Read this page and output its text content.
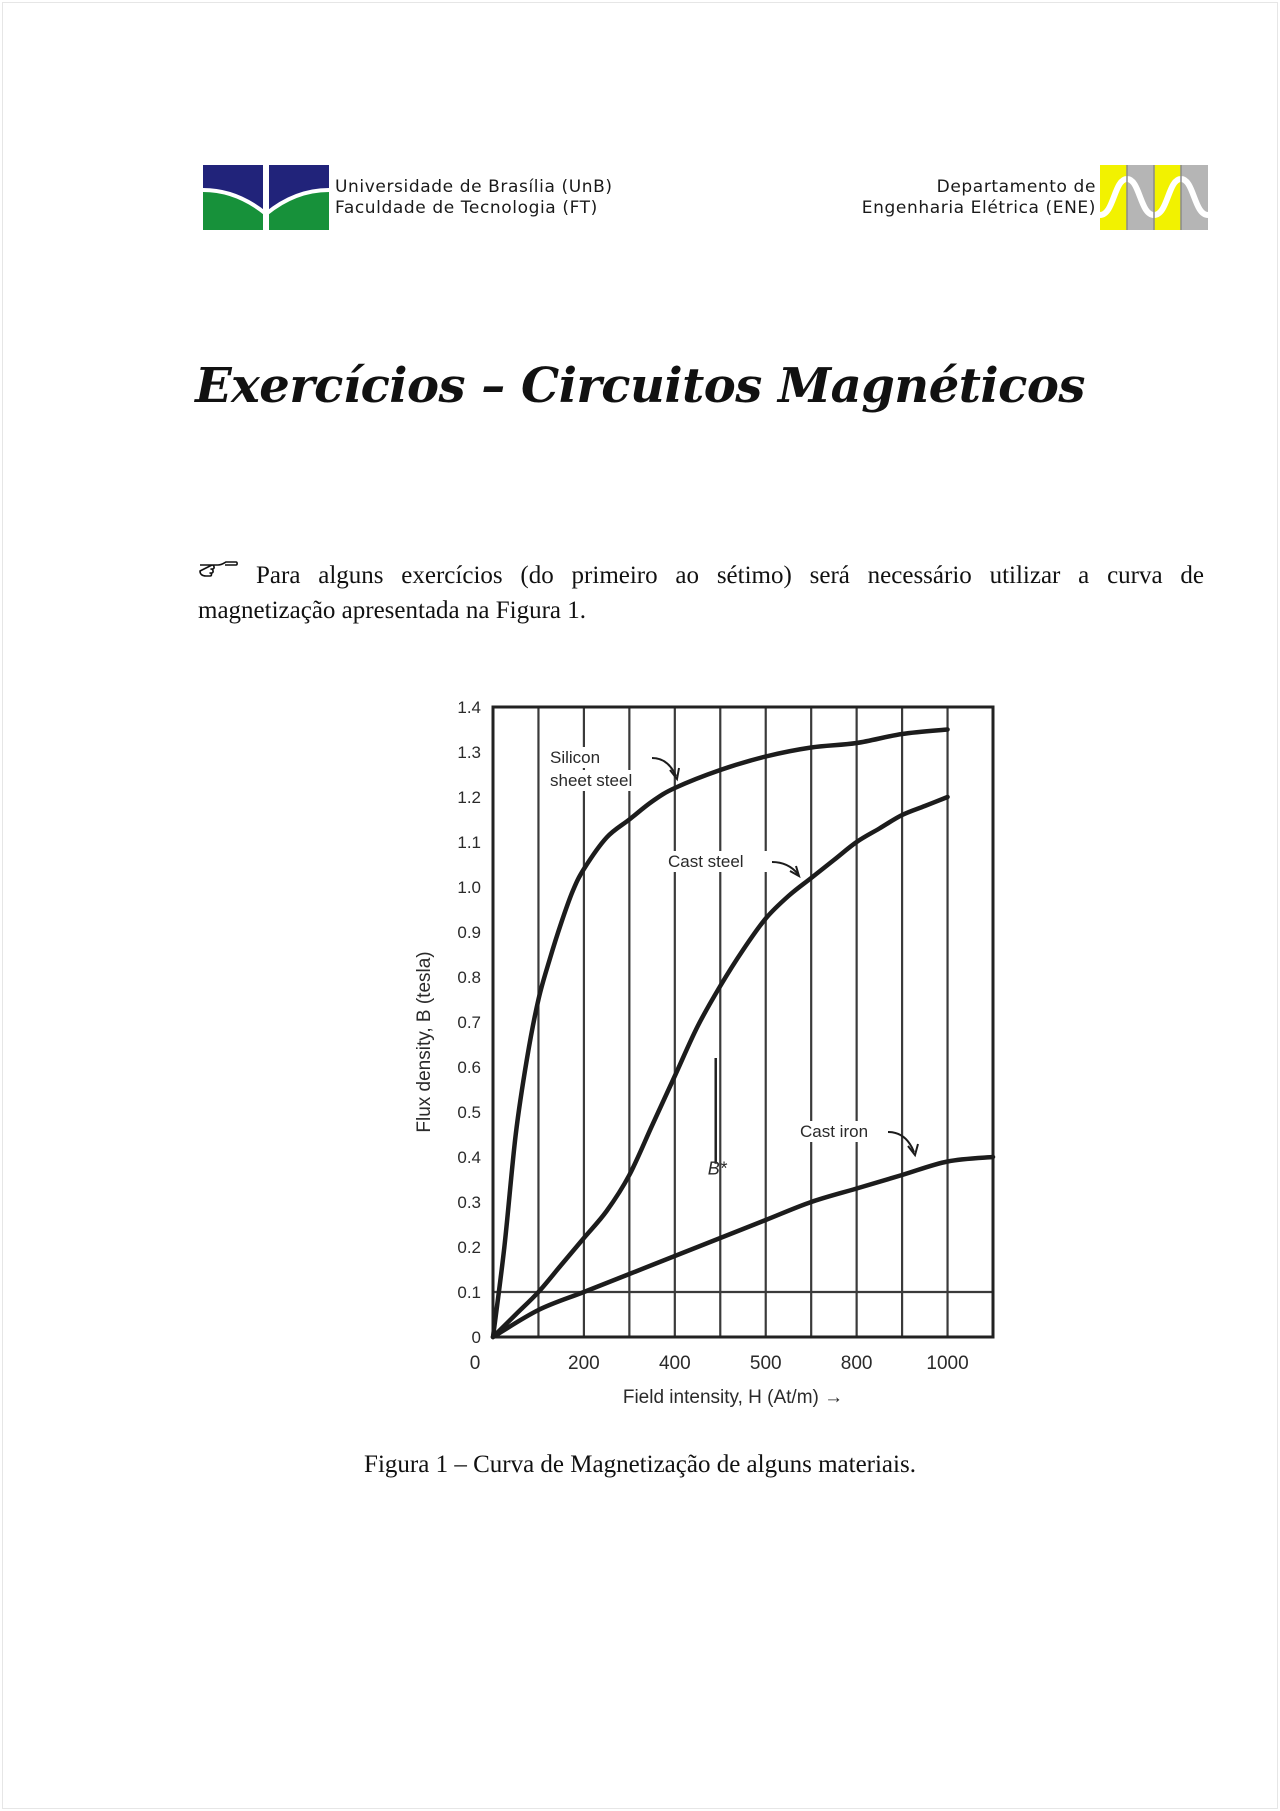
Universidade de Brasília (UnB)
Faculdade de Tecnologia (FT)
Departamento de
Engenharia Elétrica (ENE)
Exercícios – Circuitos Magnéticos

Para alguns exercícios (do primeiro ao sétimo) será necessário utilizar a curva de magnetização apresentada na Figura 1.

0
0.1
0.2
0.3
0.4
0.5
0.6
0.7
0.8
0.9
1.0
1.1
1.2
1.3
1.4
0	200	400	500	800	1000
Field intensity, H (At/m) →
Flux density, B (tesla)
Silicon
sheet steel
Cast steel
Cast iron
B*
Figura 1 – Curva de Magnetização de alguns materiais.
